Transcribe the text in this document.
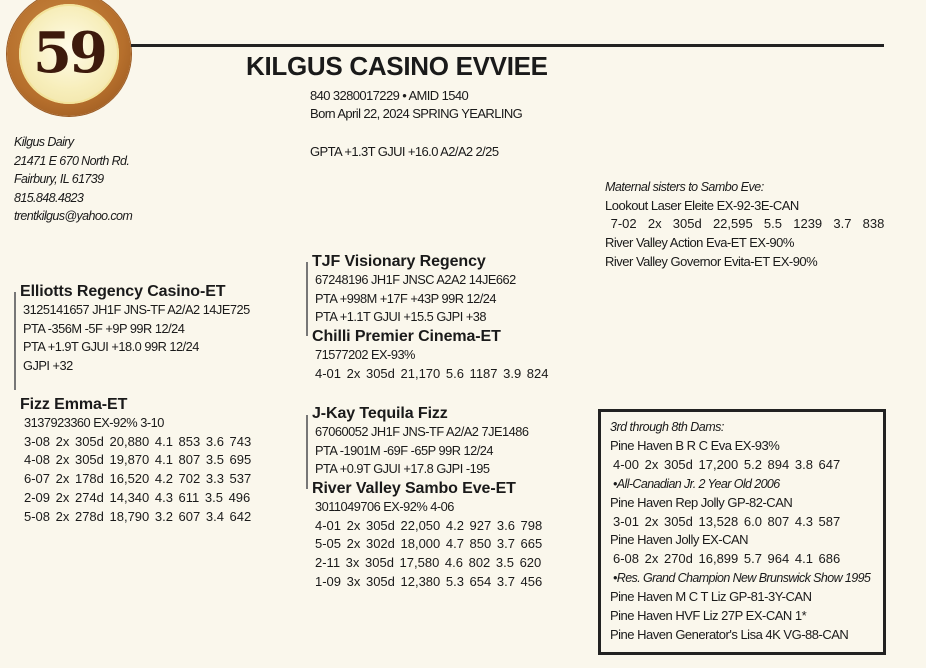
59	KILGUS CASINO EVVIEE
840 3280017229 • AMID 1540
Born April 22, 2024 SPRING YEARLING
GPTA +1.3T GJUI +16.0 A2/A2 2/25
Kilgus Dairy
21471 E 670 North Rd.
Fairbury, IL 61739
815.848.4823
trentkilgus@yahoo.com
Elliotts Regency Casino-ET
3125141657 JH1F JNS-TF A2/A2 14JE725
PTA -356M -5F +9P 99R 12/24
PTA +1.9T GJUI +18.0 99R 12/24
GJPI +32
Fizz Emma-ET
3137923360 EX-92% 3-10
3-08 2x 305d 20,880 4.1 853 3.6 743
4-08 2x 305d 19,870 4.1 807 3.5 695
6-07 2x 178d 16,520 4.2 702 3.3 537
2-09 2x 274d 14,340 4.3 611 3.5 496
5-08 2x 278d 18,790 3.2 607 3.4 642
TJF Visionary Regency
67248196 JH1F JNSC A2A2 14JE662
PTA +998M +17F +43P 99R 12/24
PTA +1.1T GJUI +15.5 GJPI +38
Chilli Premier Cinema-ET
71577202 EX-93%
4-01 2x 305d 21,170 5.6 1187 3.9 824
J-Kay Tequila Fizz
67060052 JH1F JNS-TF A2/A2 7JE1486
PTA -1901M -69F -65P 99R 12/24
PTA +0.9T GJUI +17.8 GJPI -195
River Valley Sambo Eve-ET
3011049706 EX-92% 4-06
4-01 2x 305d 22,050 4.2 927 3.6 798
5-05 2x 302d 18,000 4.7 850 3.7 665
2-11 3x 305d 17,580 4.6 802 3.5 620
1-09 3x 305d 12,380 5.3 654 3.7 456
Maternal sisters to Sambo Eve:
Lookout Laser Eleite EX-92-3E-CAN
7-02  2x  305d  22,595  5.5  1239  3.7  838
River Valley Action Eva-ET EX-90%
River Valley Governor Evita-ET EX-90%
3rd through 8th Dams:
Pine Haven B R C Eva EX-93%
4-00 2x 305d 17,200 5.2 894 3.8 647
•All-Canadian Jr. 2 Year Old 2006
Pine Haven Rep Jolly GP-82-CAN
3-01 2x 305d 13,528 6.0 807 4.3 587
Pine Haven Jolly EX-CAN
6-08 2x 270d 16,899 5.7 964 4.1 686
•Res. Grand Champion New Brunswick Show 1995
Pine Haven M C T Liz GP-81-3Y-CAN
Pine Haven HVF Liz 27P EX-CAN 1*
Pine Haven Generator's Lisa 4K VG-88-CAN
